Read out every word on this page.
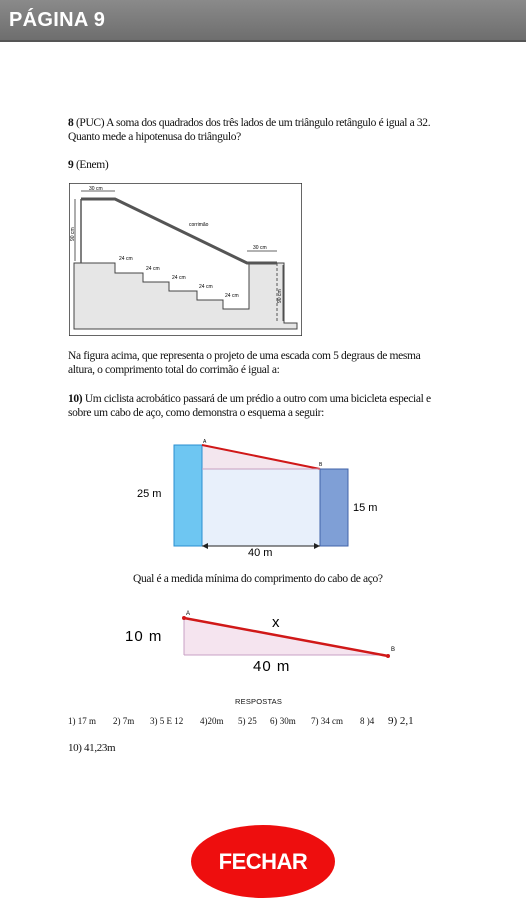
PÁGINA 9
8 (PUC) A soma dos quadrados dos três lados de um triângulo retângulo é igual a 32.
Quanto mede a hipotenusa do triângulo?
9 (Enem)
30 cm
90 cm
corrimão
30 cm
90 cm
24 cm
24 cm
24 cm
24 cm
24 cm
Na figura acima, que representa o projeto de uma escada com 5 degraus de mesma
altura, o comprimento total do corrimão é igual a:
10) Um ciclista acrobático passará de um prédio a outro com uma bicicleta especial e
sobre um cabo de aço, como demonstra o esquema a seguir:
A
B
25 m
15 m
40 m
Qual é a medida mínima do comprimento do cabo de aço?
A
B
10 m
x
40 m
RESPOSTAS
1) 17 m 2) 7m 3) 5 E 12 4)20m 5) 25 6) 30m 7) 34 cm 8 )4 9) 2,1
10) 41,23m
FECHAR
